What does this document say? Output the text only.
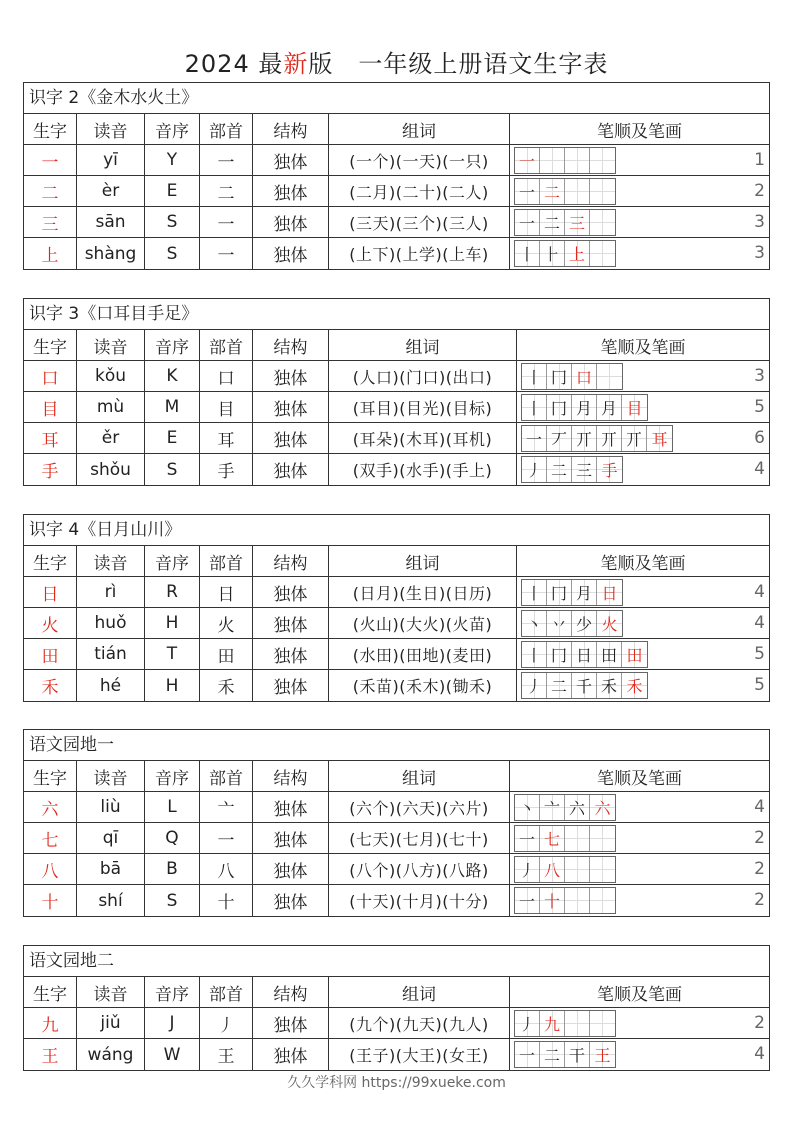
2024 最新版　一年级上册语文生字表
识字 2《金木水火土》
生字	读音	音序	部首	结构	组词	笔顺及笔画
一	yī	Y	一	独体	(一个)(一天)(一只)	一	1
二	èr	E	二	独体	(二月)(二十)(二人)	一 二	2
三	sān	S	一	独体	(三天)(三个)(三人)	一 二 三	3
上	shàng	S	一	独体	(上下)(上学)(上车)	丨 ⺊ 上	3
识字 3《口耳目手足》
生字	读音	音序	部首	结构	组词	笔顺及笔画
口	kǒu	K	口	独体	(人口)(门口)(出口)	丨 冂 口	3
目	mù	M	目	独体	(耳目)(目光)(目标)	丨 冂 月 月 目	5
耳	ěr	E	耳	独体	(耳朵)(木耳)(耳机)	一 丆 丌 丌 丌 耳	6
手	shǒu	S	手	独体	(双手)(水手)(手上)	丿 二 三 手	4
识字 4《日月山川》
生字	读音	音序	部首	结构	组词	笔顺及笔画
日	rì	R	日	独体	(日月)(生日)(日历)	丨 冂 月 日	4
火	huǒ	H	火	独体	(火山)(大火)(火苗)	丶 丷 少 火	4
田	tián	T	田	独体	(水田)(田地)(麦田)	丨 冂 日 田 田	5
禾	hé	H	禾	独体	(禾苗)(禾木)(锄禾)	丿 二 千 禾 禾	5
语文园地一
生字	读音	音序	部首	结构	组词	笔顺及笔画
六	liù	L	亠	独体	(六个)(六天)(六片)	丶 亠 六 六	4
七	qī	Q	一	独体	(七天)(七月)(七十)	一 七	2
八	bā	B	八	独体	(八个)(八方)(八路)	丿 八	2
十	shí	S	十	独体	(十天)(十月)(十分)	一 十	2
语文园地二
生字	读音	音序	部首	结构	组词	笔顺及笔画
九	jiǔ	J	丿	独体	(九个)(九天)(九人)	丿 九	2
王	wáng	W	王	独体	(王子)(大王)(女王)	一 二 干 王	4
久久学科网 https://99xueke.com
